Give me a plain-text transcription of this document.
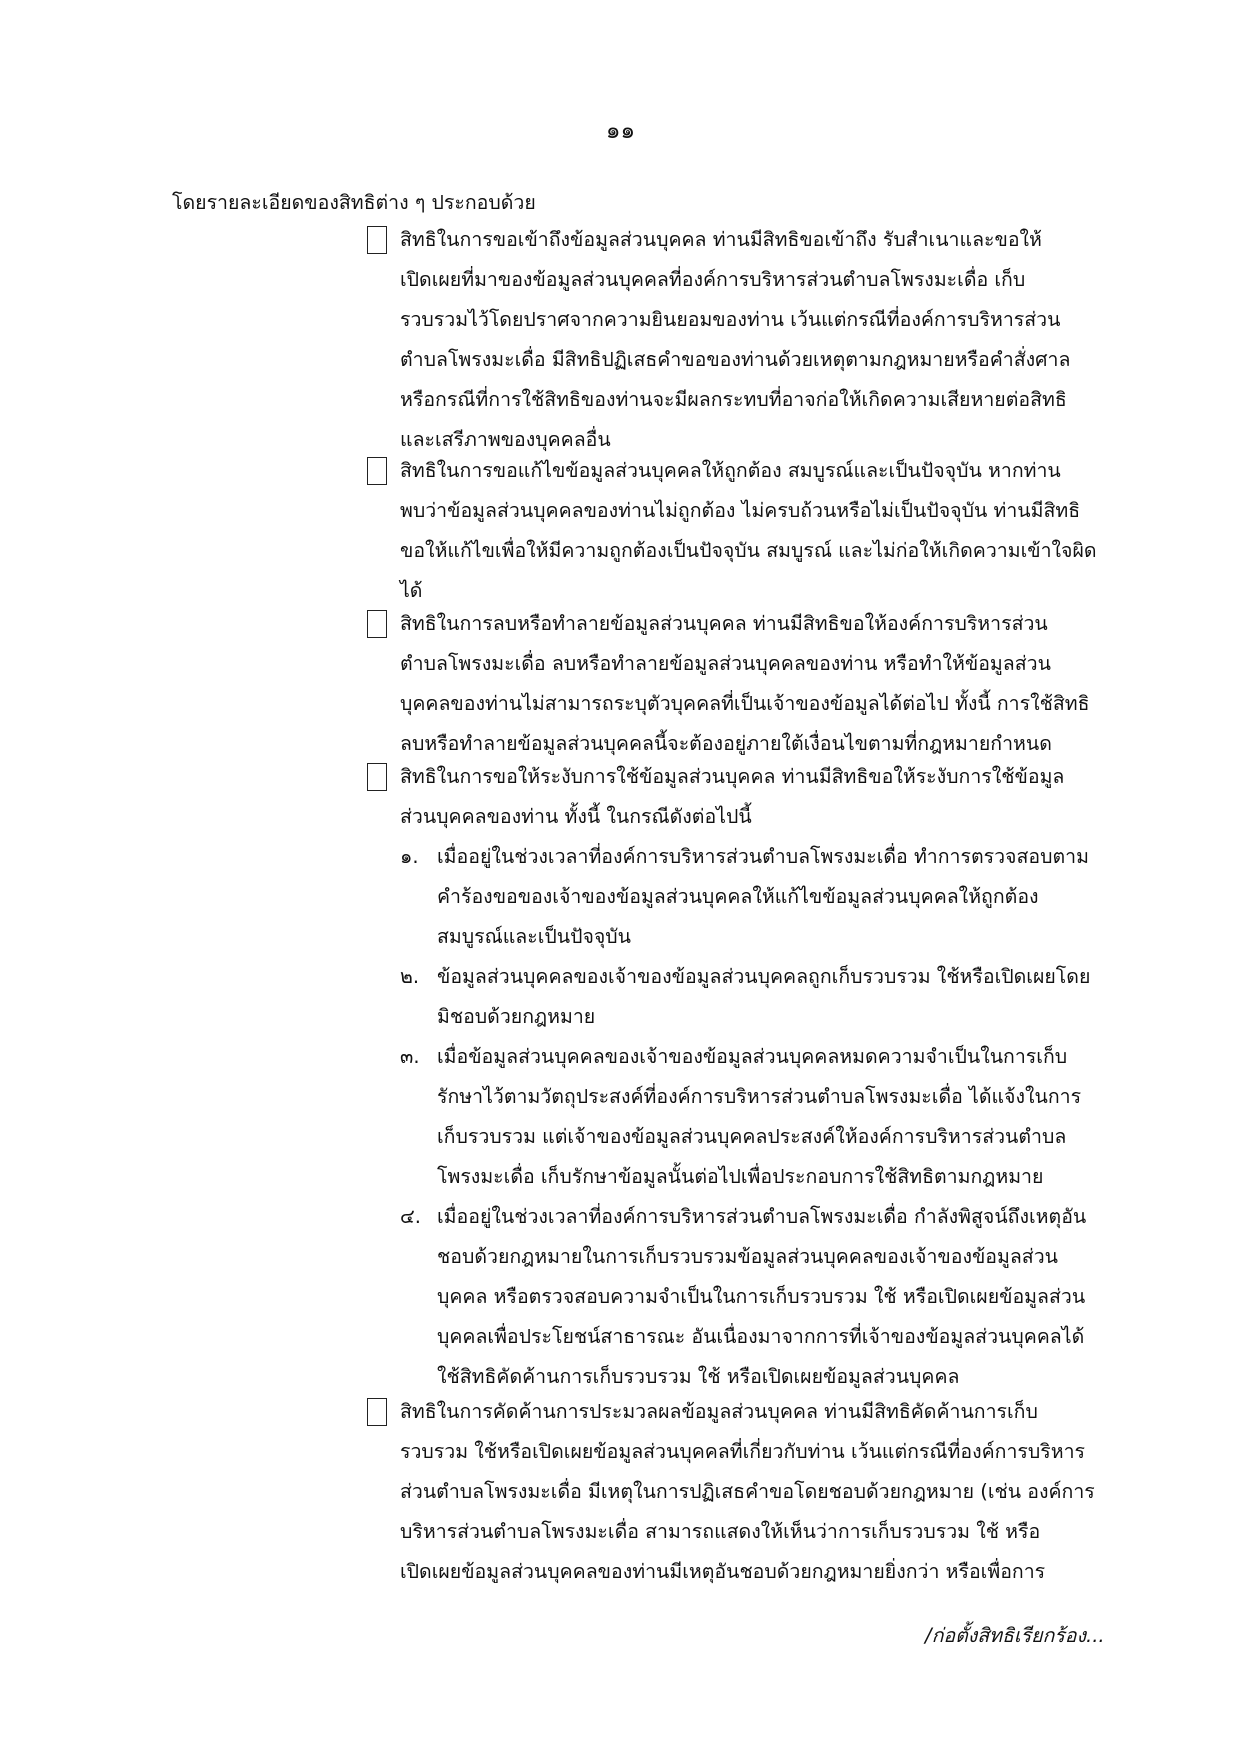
๑๑
โดยรายละเอียดของสิทธิต่าง ๆ ประกอบด้วย
สิทธิในการขอเข้าถึงข้อมูลส่วนบุคคล ท่านมีสิทธิขอเข้าถึง รับสำเนาและขอให้
เปิดเผยที่มาของข้อมูลส่วนบุคคลที่องค์การบริหารส่วนตำบลโพรงมะเดื่อ เก็บ
รวบรวมไว้โดยปราศจากความยินยอมของท่าน เว้นแต่กรณีที่องค์การบริหารส่วน
ตำบลโพรงมะเดื่อ มีสิทธิปฏิเสธคำขอของท่านด้วยเหตุตามกฎหมายหรือคำสั่งศาล
หรือกรณีที่การใช้สิทธิของท่านจะมีผลกระทบที่อาจก่อให้เกิดความเสียหายต่อสิทธิ
และเสรีภาพของบุคคลอื่น
สิทธิในการขอแก้ไขข้อมูลส่วนบุคคลให้ถูกต้อง สมบูรณ์และเป็นปัจจุบัน หากท่าน
พบว่าข้อมูลส่วนบุคคลของท่านไม่ถูกต้อง ไม่ครบถ้วนหรือไม่เป็นปัจจุบัน ท่านมีสิทธิ
ขอให้แก้ไขเพื่อให้มีความถูกต้องเป็นปัจจุบัน สมบูรณ์ และไม่ก่อให้เกิดความเข้าใจผิด
ได้
สิทธิในการลบหรือทำลายข้อมูลส่วนบุคคล ท่านมีสิทธิขอให้องค์การบริหารส่วน
ตำบลโพรงมะเดื่อ ลบหรือทำลายข้อมูลส่วนบุคคลของท่าน หรือทำให้ข้อมูลส่วน
บุคคลของท่านไม่สามารถระบุตัวบุคคลที่เป็นเจ้าของข้อมูลได้ต่อไป ทั้งนี้ การใช้สิทธิ
ลบหรือทำลายข้อมูลส่วนบุคคลนี้จะต้องอยู่ภายใต้เงื่อนไขตามที่กฎหมายกำหนด
สิทธิในการขอให้ระงับการใช้ข้อมูลส่วนบุคคล ท่านมีสิทธิขอให้ระงับการใช้ข้อมูล
ส่วนบุคคลของท่าน ทั้งนี้ ในกรณีดังต่อไปนี้
๑. เมื่ออยู่ในช่วงเวลาที่องค์การบริหารส่วนตำบลโพรงมะเดื่อ ทำการตรวจสอบตาม
คำร้องขอของเจ้าของข้อมูลส่วนบุคคลให้แก้ไขข้อมูลส่วนบุคคลให้ถูกต้อง
สมบูรณ์และเป็นปัจจุบัน
๒. ข้อมูลส่วนบุคคลของเจ้าของข้อมูลส่วนบุคคลถูกเก็บรวบรวม ใช้หรือเปิดเผยโดย
มิชอบด้วยกฎหมาย
๓. เมื่อข้อมูลส่วนบุคคลของเจ้าของข้อมูลส่วนบุคคลหมดความจำเป็นในการเก็บ
รักษาไว้ตามวัตถุประสงค์ที่องค์การบริหารส่วนตำบลโพรงมะเดื่อ ได้แจ้งในการ
เก็บรวบรวม แต่เจ้าของข้อมูลส่วนบุคคลประสงค์ให้องค์การบริหารส่วนตำบล
โพรงมะเดื่อ เก็บรักษาข้อมูลนั้นต่อไปเพื่อประกอบการใช้สิทธิตามกฎหมาย
๔. เมื่ออยู่ในช่วงเวลาที่องค์การบริหารส่วนตำบลโพรงมะเดื่อ กำลังพิสูจน์ถึงเหตุอัน
ชอบด้วยกฎหมายในการเก็บรวบรวมข้อมูลส่วนบุคคลของเจ้าของข้อมูลส่วน
บุคคล หรือตรวจสอบความจำเป็นในการเก็บรวบรวม ใช้ หรือเปิดเผยข้อมูลส่วน
บุคคลเพื่อประโยชน์สาธารณะ อันเนื่องมาจากการที่เจ้าของข้อมูลส่วนบุคคลได้
ใช้สิทธิคัดค้านการเก็บรวบรวม ใช้ หรือเปิดเผยข้อมูลส่วนบุคคล
สิทธิในการคัดค้านการประมวลผลข้อมูลส่วนบุคคล ท่านมีสิทธิคัดค้านการเก็บ
รวบรวม ใช้หรือเปิดเผยข้อมูลส่วนบุคคลที่เกี่ยวกับท่าน เว้นแต่กรณีที่องค์การบริหาร
ส่วนตำบลโพรงมะเดื่อ มีเหตุในการปฏิเสธคำขอโดยชอบด้วยกฎหมาย (เช่น องค์การ
บริหารส่วนตำบลโพรงมะเดื่อ สามารถแสดงให้เห็นว่าการเก็บรวบรวม ใช้ หรือ
เปิดเผยข้อมูลส่วนบุคคลของท่านมีเหตุอันชอบด้วยกฎหมายยิ่งกว่า หรือเพื่อการ
/ก่อตั้งสิทธิเรียกร้อง...
